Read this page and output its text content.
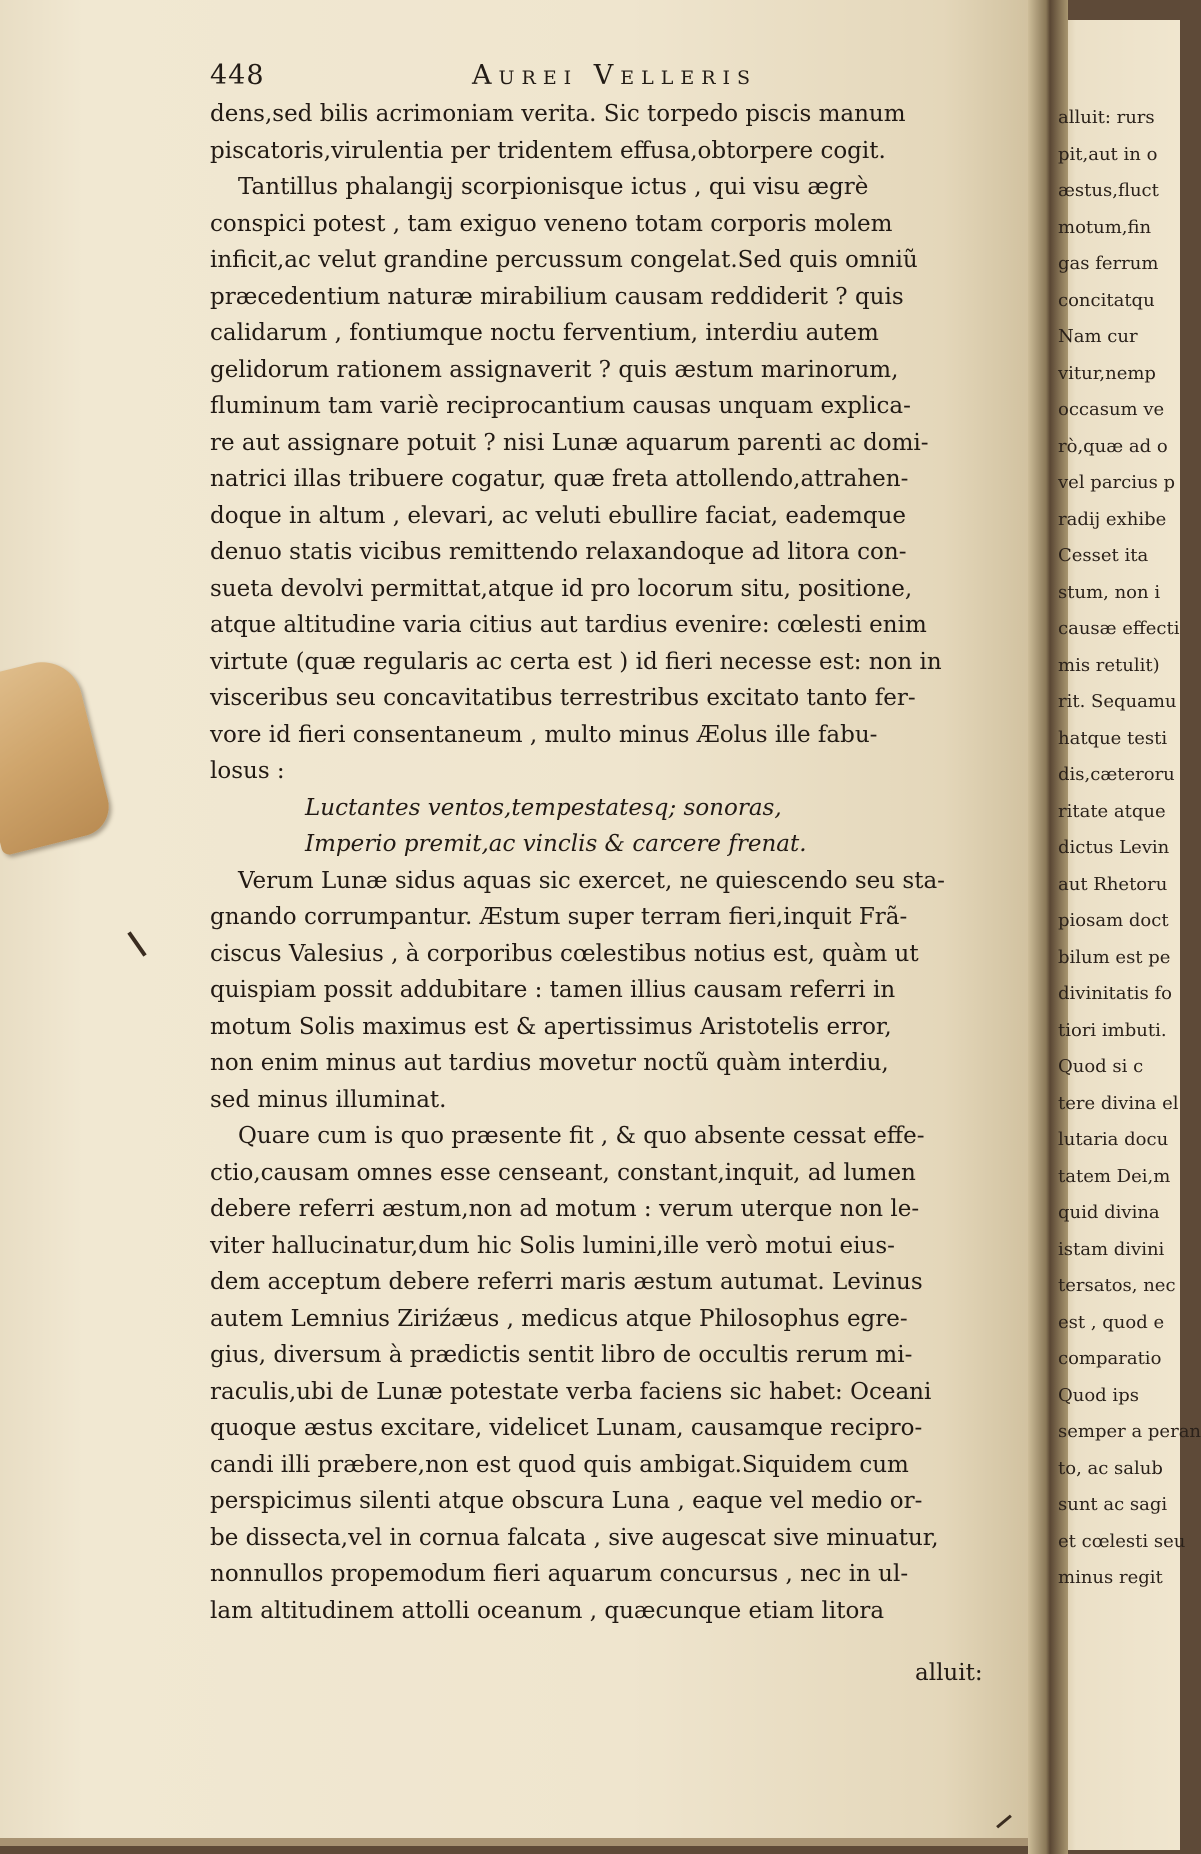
448	Aurei Velleris
dens,sed bilis acrimoniam verita. Sic torpedo piscis manum
piscatoris,virulentia per tridentem effusa,obtorpere cogit.
Tantillus phalangij scorpionisque ictus , qui visu ægrè
conspici potest , tam exiguo veneno totam corporis molem
inficit,ac velut grandine percussum congelat.Sed quis omniũ
præcedentium naturæ mirabilium causam reddiderit ? quis
calidarum , fontiumque noctu ferventium, interdiu autem
gelidorum rationem assignaverit ? quis æstum marinorum,
fluminum tam variè reciprocantium causas unquam explica-
re aut assignare potuit ? nisi Lunæ aquarum parenti ac domi-
natrici illas tribuere cogatur, quæ freta attollendo,attrahen-
doque in altum , elevari, ac veluti ebullire faciat, eademque
denuo statis vicibus remittendo relaxandoque ad litora con-
sueta devolvi permittat,atque id pro locorum situ, positione,
atque altitudine varia citius aut tardius evenire: cœlesti enim
virtute (quæ regularis ac certa est ) id fieri necesse est: non in
visceribus seu concavitatibus terrestribus excitato tanto fer-
vore id fieri consentaneum , multo minus Æolus ille fabu-
losus :
Luctantes ventos,tempestatesq; sonoras,
Imperio premit,ac vinclis & carcere frenat.
Verum Lunæ sidus aquas sic exercet, ne quiescendo seu sta-
gnando corrumpantur. Æstum super terram fieri,inquit Frã-
ciscus Valesius , à corporibus cœlestibus notius est, quàm ut
quispiam possit addubitare : tamen illius causam referri in
motum Solis maximus est & apertissimus Aristotelis error,
non enim minus aut tardius movetur noctũ quàm interdiu,
sed minus illuminat.
Quare cum is quo præsente fit , & quo absente cessat effe-
ctio,causam omnes esse censeant, constant,inquit, ad lumen
debere referri æstum,non ad motum : verum uterque non le-
viter hallucinatur,dum hic Solis lumini,ille verò motui eius-
dem acceptum debere referri maris æstum autumat. Levinus
autem Lemnius Ziriźæus , medicus atque Philosophus egre-
gius, diversum à prædictis sentit libro de occultis rerum mi-
raculis,ubi de Lunæ potestate verba faciens sic habet: Oceani
quoque æstus excitare, videlicet Lunam, causamque recipro-
candi illi præbere,non est quod quis ambigat.Siquidem cum
perspicimus silenti atque obscura Luna , eaque vel medio or-
be dissecta,vel in cornua falcata , sive augescat sive minuatur,
nonnullos propemodum fieri aquarum concursus , nec in ul-
lam altitudinem attolli oceanum , quæcunque etiam litora
alluit:
alluit: rurs
pit,aut in o
æstus,fluct
motum,fin
gas ferrum
concitatqu
Nam cur
vitur,nemp
occasum ve
rò,quæ ad o
vel parcius p
radij exhibe
Cesset ita
stum, non i
causæ effecti
mis retulit)
rit. Sequamu
hatque testi
dis,cæteroru
ritate atque
dictus Levin
aut Rhetoru
piosam doct
bilum est pe
divinitatis fo
tiori imbuti.
Quod si c
tere divina el
lutaria docu
tatem Dei,m
quid divina
istam divini
tersatos, nec
est , quod e
comparatio
Quod ips
semper a peran
to, ac salub
sunt ac sagi
et cœlesti seu
minus regit
